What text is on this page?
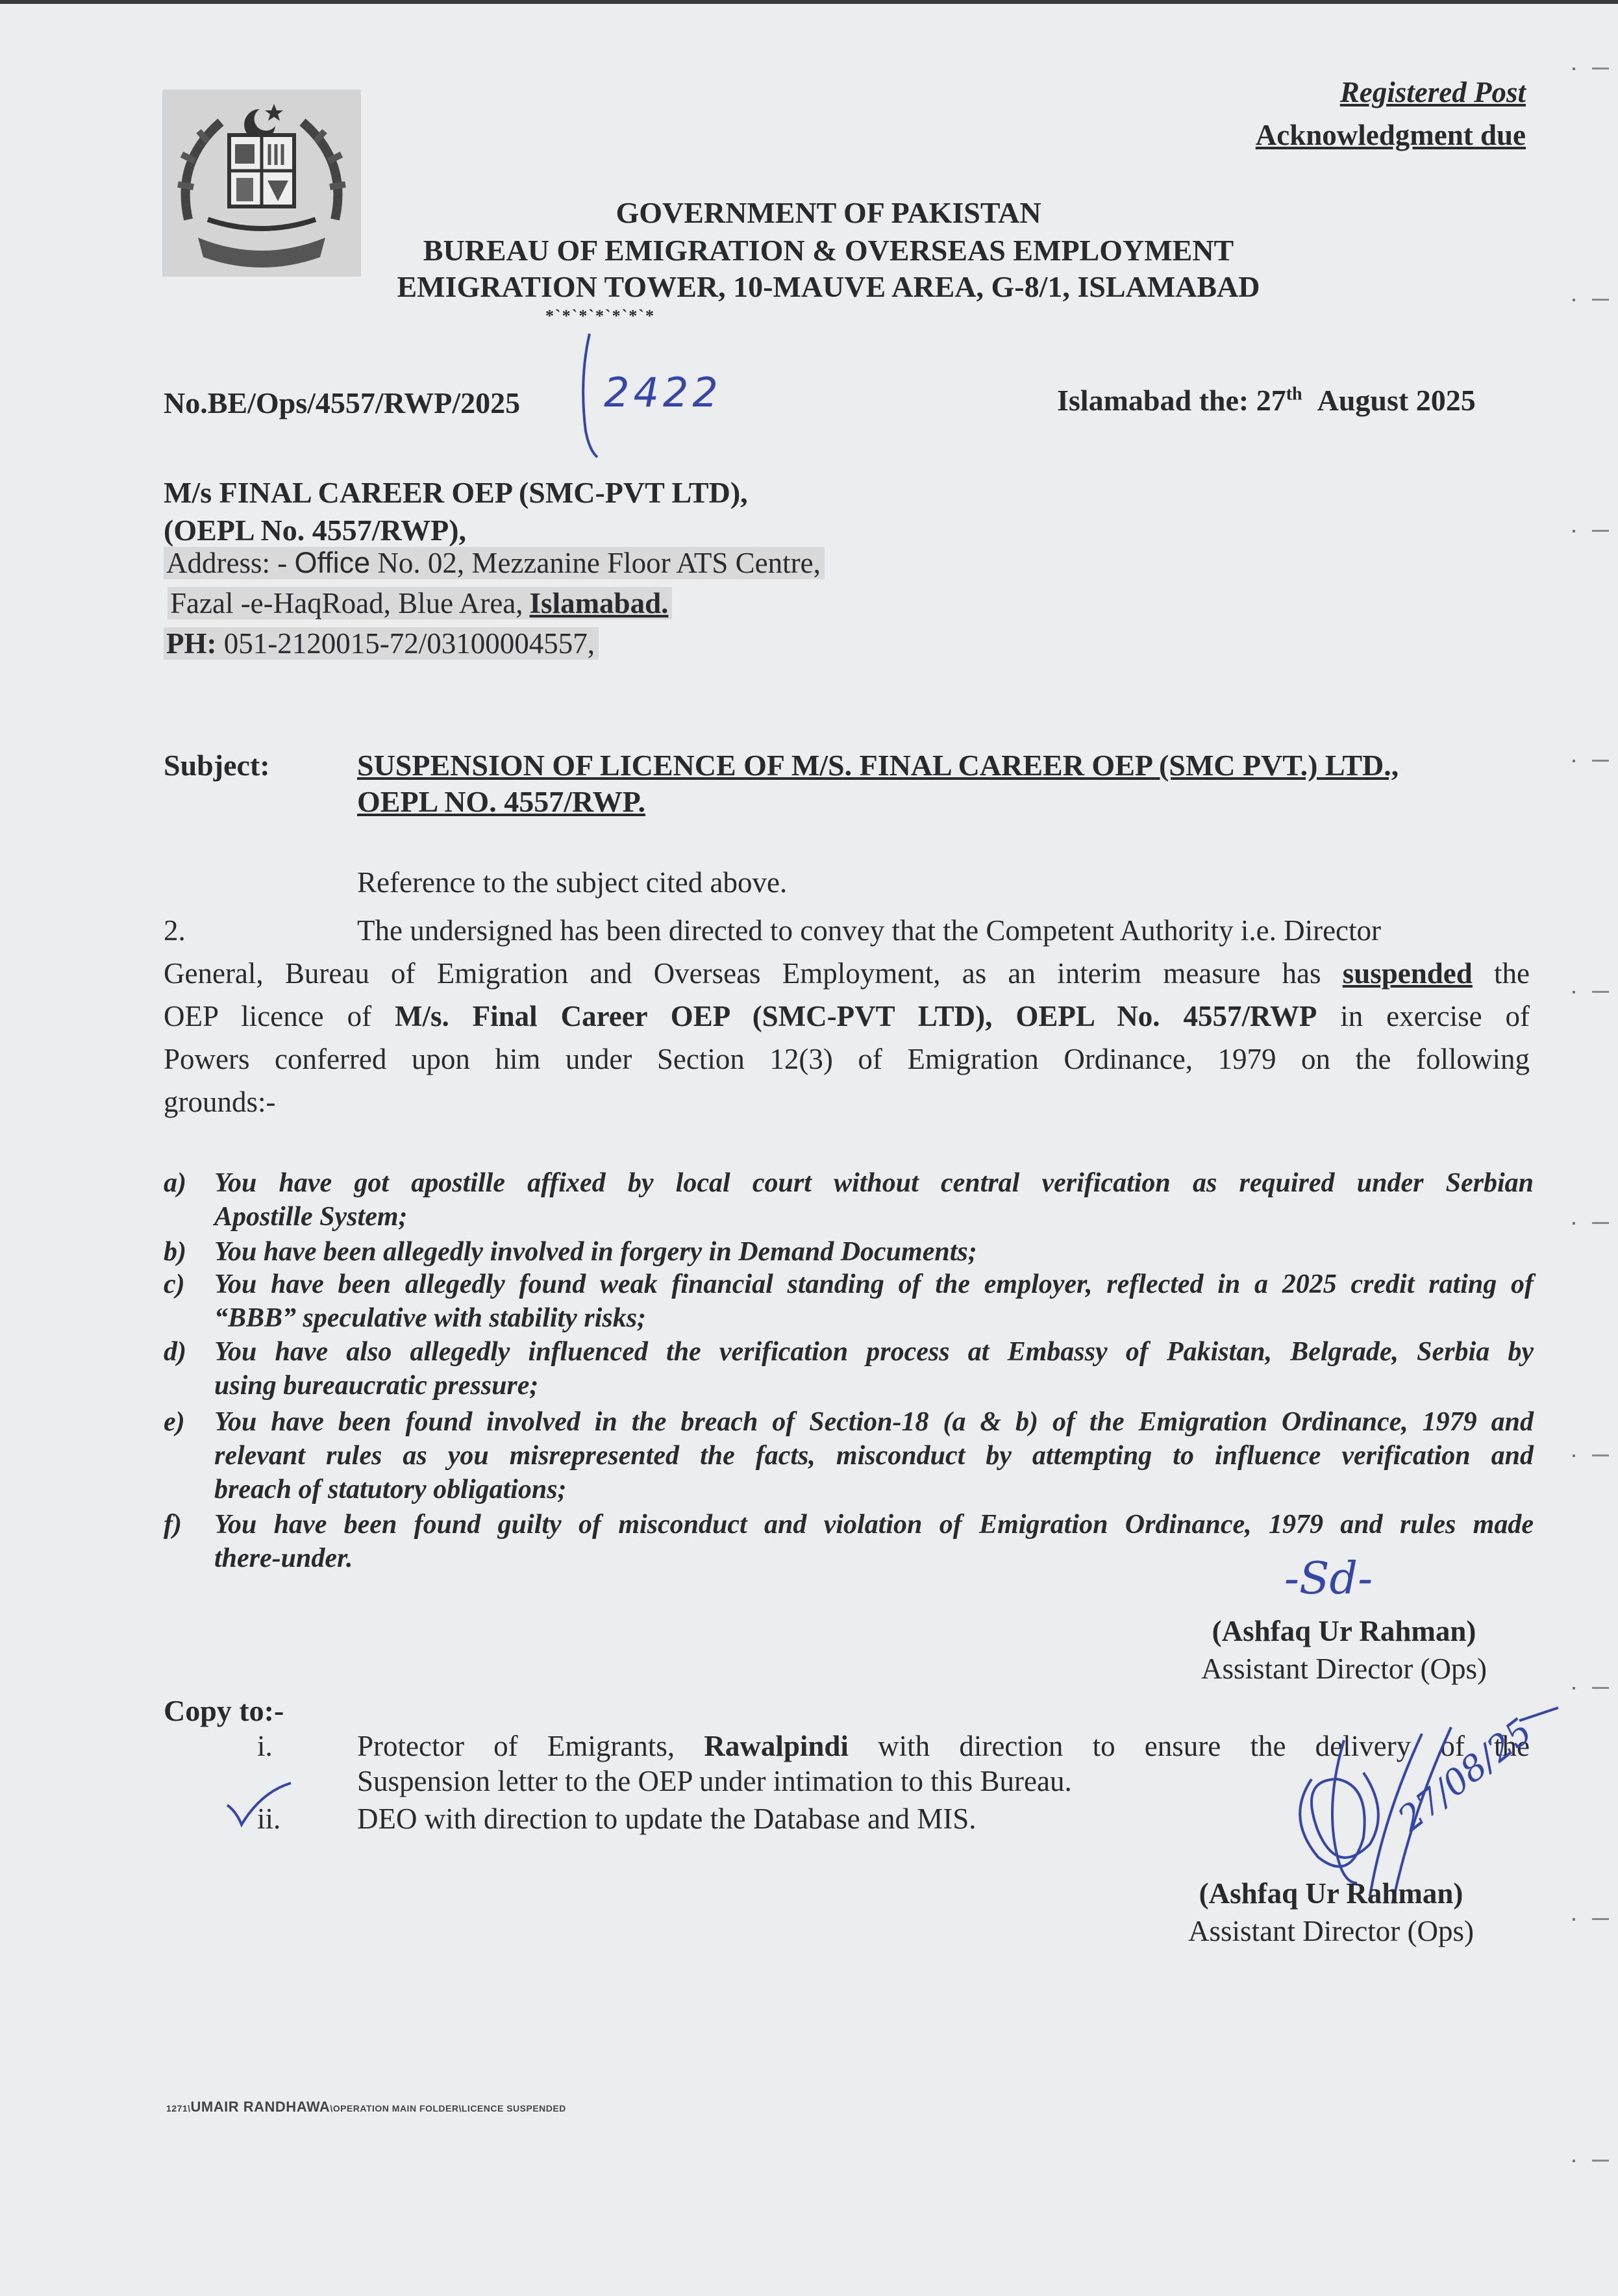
Registered Post
Acknowledgment due
GOVERNMENT OF PAKISTAN
BUREAU OF EMIGRATION & OVERSEAS EMPLOYMENT
EMIGRATION TOWER, 10-MAUVE AREA, G-8/1, ISLAMABAD
*`*`*`*`*`*`*
No.BE/Ops/4557/RWP/2025 2422	Islamabad the: 27th August 2025
M/s FINAL CAREER OEP (SMC-PVT LTD),
(OEPL No. 4557/RWP),
Address: - Office No. 02, Mezzanine Floor ATS Centre,
Fazal -e-HaqRoad, Blue Area, Islamabad.
PH: 051-2120015-72/03100004557,
Subject:	SUSPENSION OF LICENCE OF M/S. FINAL CAREER OEP (SMC PVT.) LTD.,
OEPL NO. 4557/RWP.
Reference to the subject cited above.
2.	The undersigned has been directed to convey that the Competent Authority i.e. Director
General, Bureau of Emigration and Overseas Employment, as an interim measure has suspended the
OEP licence of M/s. Final Career OEP (SMC-PVT LTD), OEPL No. 4557/RWP in exercise of
Powers conferred upon him under Section 12(3) of Emigration Ordinance, 1979 on the following
grounds:-
a) You have got apostille affixed by local court without central verification as required under Serbian
Apostille System;
b) You have been allegedly involved in forgery in Demand Documents;
c) You have been allegedly found weak financial standing of the employer, reflected in a 2025 credit rating of
“BBB” speculative with stability risks;
d) You have also allegedly influenced the verification process at Embassy of Pakistan, Belgrade, Serbia by
using bureaucratic pressure;
e) You have been found involved in the breach of Section-18 (a & b) of the Emigration Ordinance, 1979 and
relevant rules as you misrepresented the facts, misconduct by attempting to influence verification and
breach of statutory obligations;
f) You have been found guilty of misconduct and violation of Emigration Ordinance, 1979 and rules made
there-under.	-Sd-
(Ashfaq Ur Rahman)
Assistant Director (Ops)
Copy to:-
i.	Protector of Emigrants, Rawalpindi with direction to ensure the delivery of the
Suspension letter to the OEP under intimation to this Bureau.
ii.	DEO with direction to update the Database and MIS.	27/08/25
(Ashfaq Ur Rahman)
Assistant Director (Ops)
1271\UMAIR RANDHAWA\OPERATION MAIN FOLDER\LICENCE SUSPENDED
